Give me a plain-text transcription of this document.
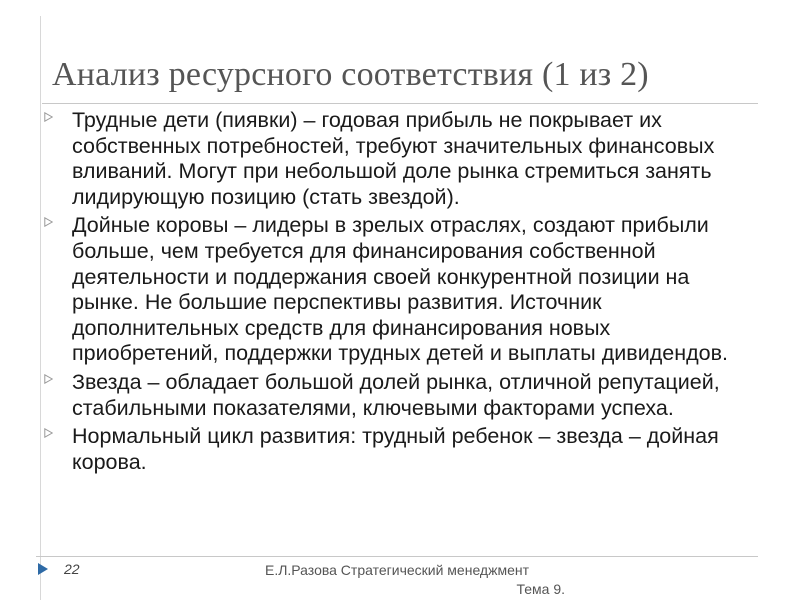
Анализ ресурсного соответствия (1 из 2)
Трудные дети (пиявки) – годовая прибыль не покрывает их собственных потребностей, требуют значительных финансовых вливаний. Могут при небольшой доле рынка стремиться занять лидирующую позицию (стать звездой).
Дойные коровы – лидеры в зрелых отраслях, создают прибыли больше, чем требуется для финансирования собственной деятельности и поддержания своей конкурентной позиции на рынке. Не большие перспективы развития. Источник дополнительных средств для финансирования новых приобретений, поддержки трудных детей и выплаты дивидендов.
Звезда – обладает большой долей рынка, отличной репутацией, стабильными показателями, ключевыми факторами успеха.
Нормальный цикл развития: трудный ребенок – звезда – дойная корова.
22	Е.Л.Разова Стратегический менеджмент
Тема 9.
